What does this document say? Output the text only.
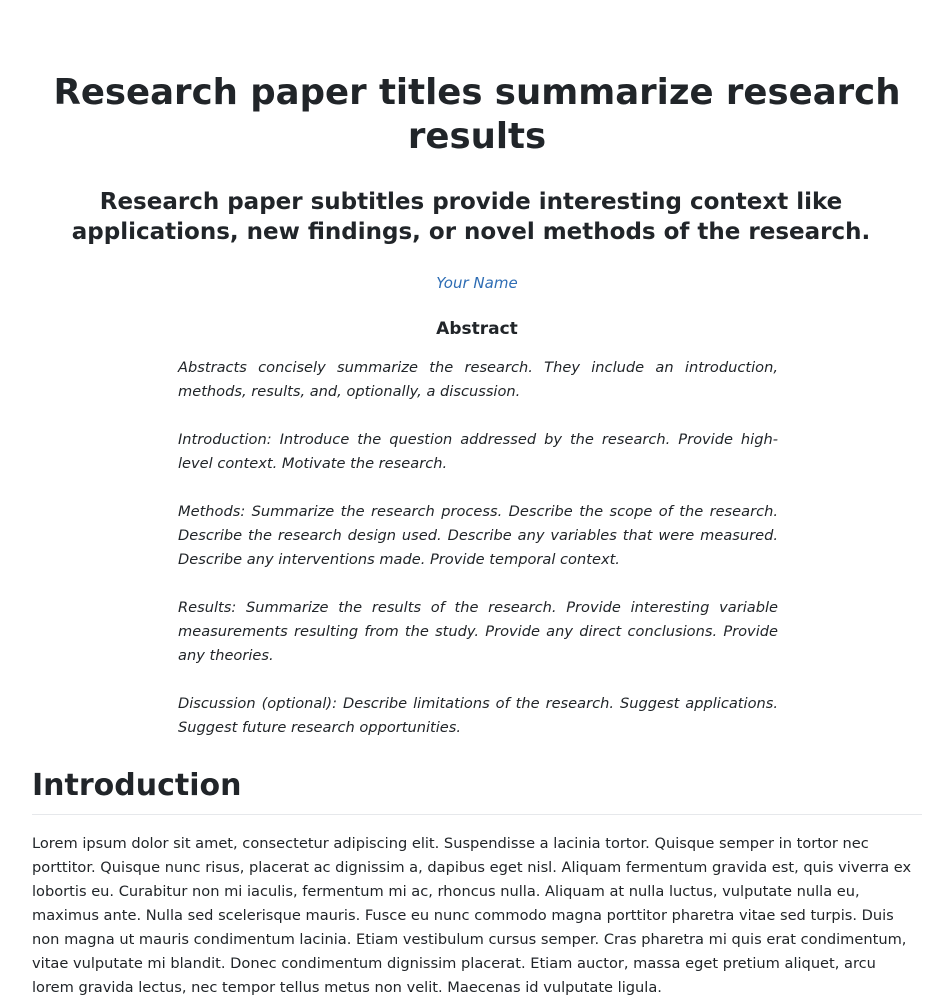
Research paper titles summarize research results
Research paper subtitles provide interesting context like applications, new findings, or novel methods of the research.
Your Name
Abstract

Abstracts concisely summarize the research. They include an introduction, methods, results, and, optionally, a discussion.

Introduction: Introduce the question addressed by the research. Provide high-level context. Motivate the research.

Methods: Summarize the research process. Describe the scope of the research. Describe the research design used. Describe any variables that were measured. Describe any interventions made. Provide temporal context.

Results: Summarize the results of the research. Provide interesting variable measurements resulting from the study. Provide any direct conclusions. Provide any theories.

Discussion (optional): Describe limitations of the research. Suggest applications. Suggest future research opportunities.

Introduction

Lorem ipsum dolor sit amet, consectetur adipiscing elit. Suspendisse a lacinia tortor. Quisque semper in tortor nec porttitor. Quisque nunc risus, placerat ac dignissim a, dapibus eget nisl. Aliquam fermentum gravida est, quis viverra ex lobortis eu. Curabitur non mi iaculis, fermentum mi ac, rhoncus nulla. Aliquam at nulla luctus, vulputate nulla eu, maximus ante. Nulla sed scelerisque mauris. Fusce eu nunc commodo magna porttitor pharetra vitae sed turpis. Duis non magna ut mauris condimentum lacinia. Etiam vestibulum cursus semper. Cras pharetra mi quis erat condimentum, vitae vulputate mi blandit. Donec condimentum dignissim placerat. Etiam auctor, massa eget pretium aliquet, arcu lorem gravida lectus, nec tempor tellus metus non velit. Maecenas id vulputate ligula.
